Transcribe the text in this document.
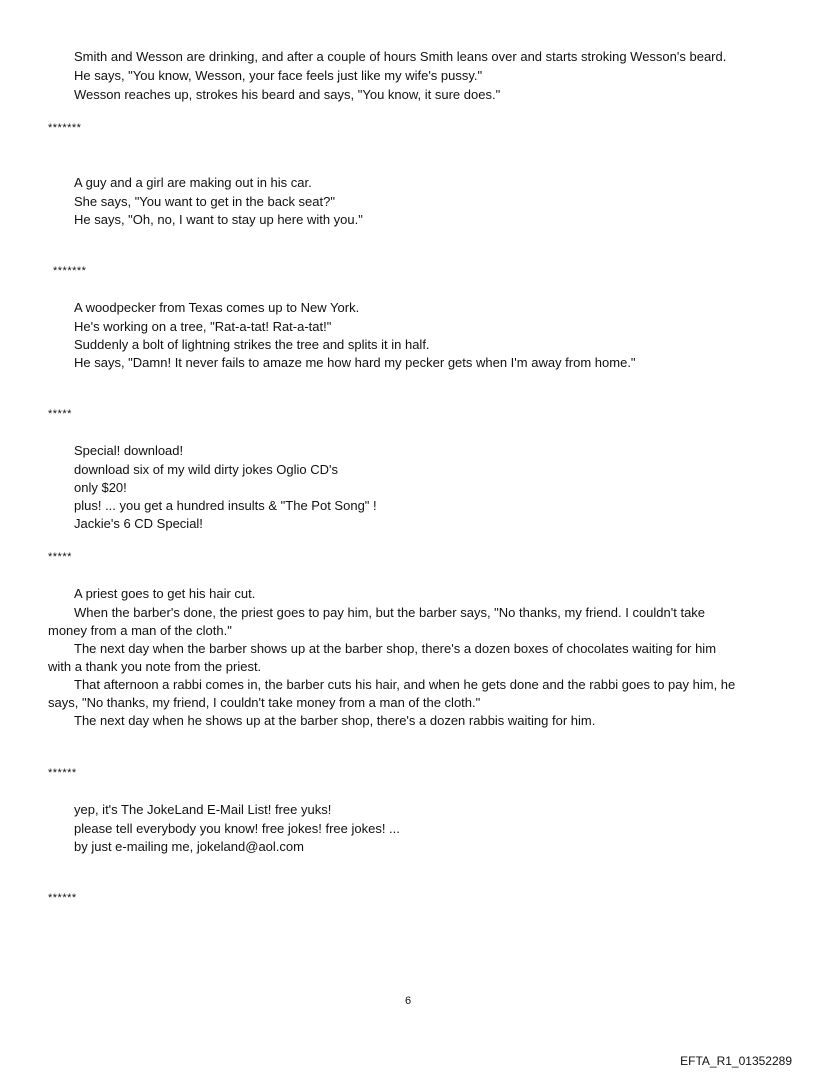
Smith and Wesson are drinking, and after a couple of hours Smith leans over and starts stroking Wesson's beard.

He says, "You know, Wesson, your face feels just like my wife's pussy."

Wesson reaches up, strokes his beard and says, "You know, it sure does."

*******

A guy and a girl are making out in his car.

She says, "You want to get in the back seat?"

He says, "Oh, no, I want to stay up here with you."

*******

A woodpecker from Texas comes up to New York.

He's working on a tree, "Rat-a-tat! Rat-a-tat!"

Suddenly a bolt of lightning strikes the tree and splits it in half.

He says, "Damn! It never fails to amaze me how hard my pecker gets when I'm away from home."

*****

Special! download!

download six of my wild dirty jokes Oglio CD's

only $20!

plus! ... you get a hundred insults & "The Pot Song" !

Jackie's 6 CD Special!

*****

A priest goes to get his hair cut.

When the barber's done, the priest goes to pay him, but the barber says, "No thanks, my friend. I couldn't take

money from a man of the cloth."

The next day when the barber shows up at the barber shop, there's a dozen boxes of chocolates waiting for him

with a thank you note from the priest.

That afternoon a rabbi comes in, the barber cuts his hair, and when he gets done and the rabbi goes to pay him, he

says, "No thanks, my friend, I couldn't take money from a man of the cloth."

The next day when he shows up at the barber shop, there's a dozen rabbis waiting for him.

******

yep, it's The JokeLand E-Mail List! free yuks!

please tell everybody you know! free jokes! free jokes! ...

by just e-mailing me, jokeland@aol.com

******

6

EFTA_R1_01352289
